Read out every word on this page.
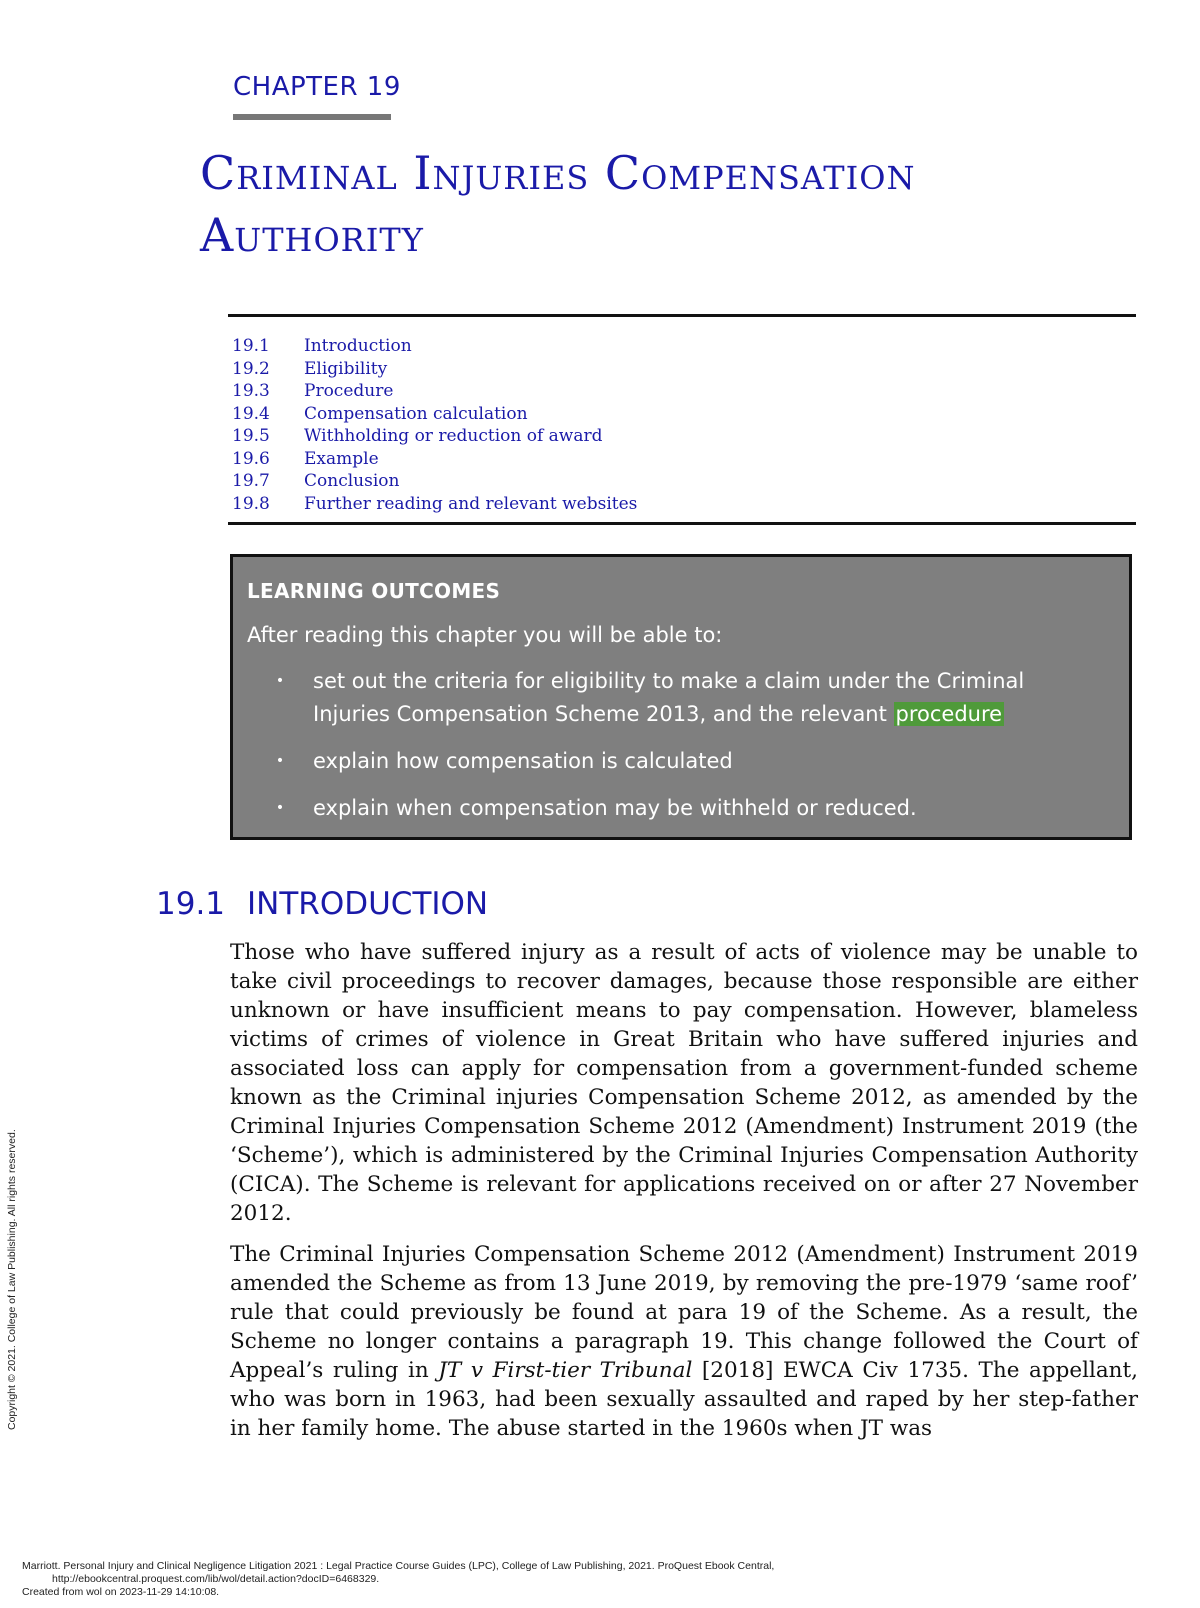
CHAPTER 19
Criminal Injuries Compensation
Authority
19.1	Introduction
19.2	Eligibility
19.3	Procedure
19.4	Compensation calculation
19.5	Withholding or reduction of award
19.6	Example
19.7	Conclusion
19.8	Further reading and relevant websites
LEARNING OUTCOMES
After reading this chapter you will be able to:
•	set out the criteria for eligibility to make a claim under the Criminal Injuries Compensation Scheme 2013, and the relevant procedure
•	explain how compensation is calculated
•	explain when compensation may be withheld or reduced.
19.1 INTRODUCTION

Those who have suffered injury as a result of acts of violence may be unable to take civil proceedings to recover damages, because those responsible are either unknown or have insufficient means to pay compensation. However, blameless victims of crimes of violence in Great Britain who have suffered injuries and associated loss can apply for compensation from a government-funded scheme known as the Criminal injuries Compensation Scheme 2012, as amended by the Criminal Injuries Compensation Scheme 2012 (Amendment) Instrument 2019 (the ‘Scheme’), which is administered by the Criminal Injuries Compensation Authority (CICA). The Scheme is relevant for applications received on or after 27 November 2012.

The Criminal Injuries Compensation Scheme 2012 (Amendment) Instrument 2019 amended the Scheme as from 13 June 2019, by removing the pre-1979 ‘same roof’ rule that could previously be found at para 19 of the Scheme. As a result, the Scheme no longer contains a paragraph 19. This change followed the Court of Appeal’s ruling in JT v First-tier Tribunal [2018] EWCA Civ 1735. The appellant, who was born in 1963, had been sexually assaulted and raped by her step-father in her family home. The abuse started in the 1960s when JT was

Copyright © 2021. College of Law Publishing. All rights reserved.
Marriott. Personal Injury and Clinical Negligence Litigation 2021 : Legal Practice Course Guides (LPC), College of Law Publishing, 2021. ProQuest Ebook Central,
http://ebookcentral.proquest.com/lib/wol/detail.action?docID=6468329.
Created from wol on 2023-11-29 14:10:08.
